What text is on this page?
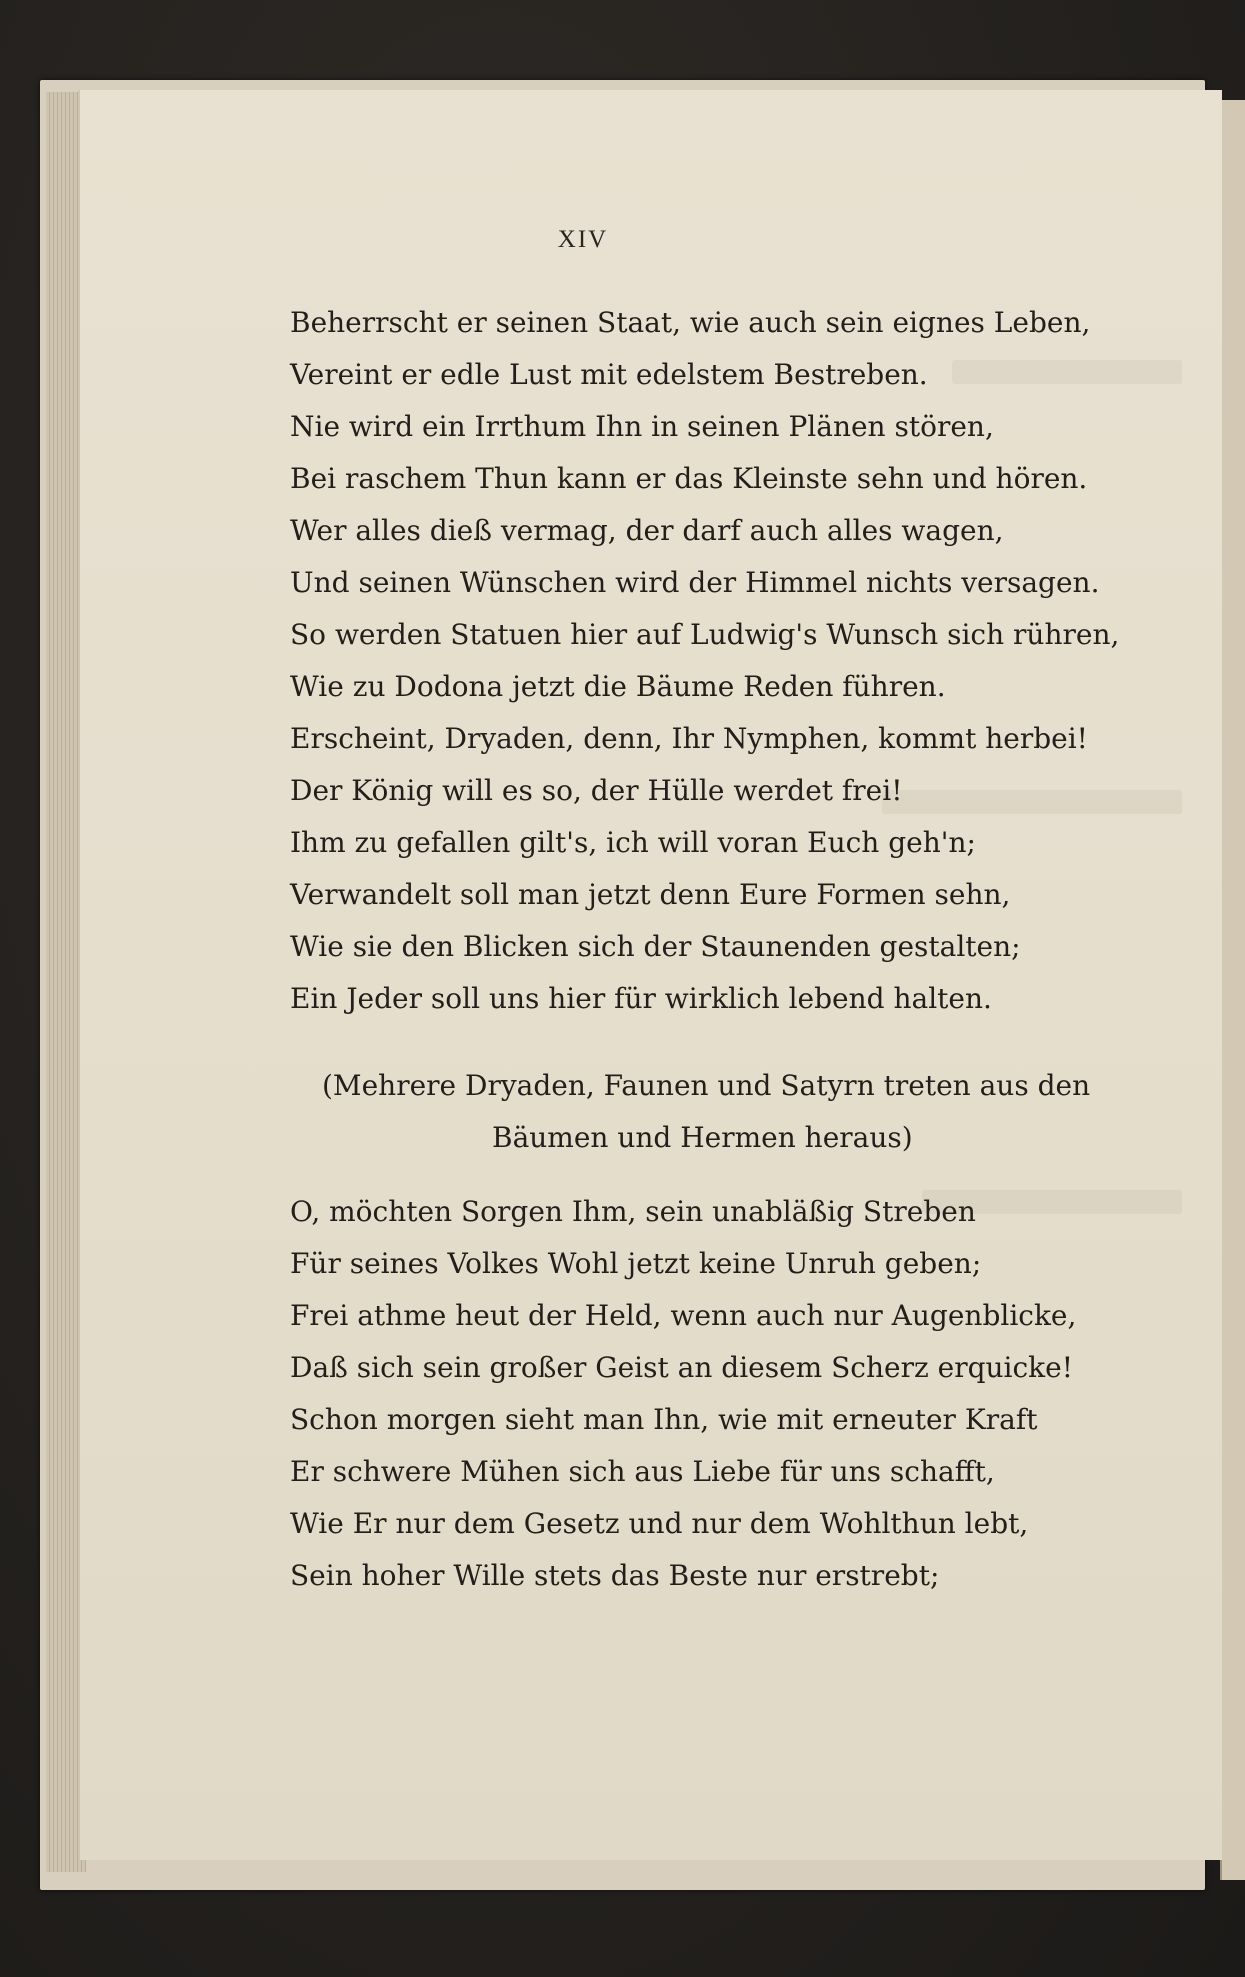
XIV
Beherrscht er seinen Staat, wie auch sein eignes Leben,
Vereint er edle Lust mit edelstem Bestreben.
Nie wird ein Irrthum Ihn in seinen Plänen stören,
Bei raschem Thun kann er das Kleinste sehn und hören.
Wer alles dieß vermag, der darf auch alles wagen,
Und seinen Wünschen wird der Himmel nichts versagen.
So werden Statuen hier auf Ludwig's Wunsch sich rühren,
Wie zu Dodona jetzt die Bäume Reden führen.
Erscheint, Dryaden, denn, Ihr Nymphen, kommt herbei!
Der König will es so, der Hülle werdet frei!
Ihm zu gefallen gilt's, ich will voran Euch geh'n;
Verwandelt soll man jetzt denn Eure Formen sehn,
Wie sie den Blicken sich der Staunenden gestalten;
Ein Jeder soll uns hier für wirklich lebend halten.
(Mehrere Dryaden, Faunen und Satyrn treten aus den
Bäumen und Hermen heraus)
O, möchten Sorgen Ihm, sein unabläßig Streben
Für seines Volkes Wohl jetzt keine Unruh geben;
Frei athme heut der Held, wenn auch nur Augenblicke,
Daß sich sein großer Geist an diesem Scherz erquicke!
Schon morgen sieht man Ihn, wie mit erneuter Kraft
Er schwere Mühen sich aus Liebe für uns schafft,
Wie Er nur dem Gesetz und nur dem Wohlthun lebt,
Sein hoher Wille stets das Beste nur erstrebt;
